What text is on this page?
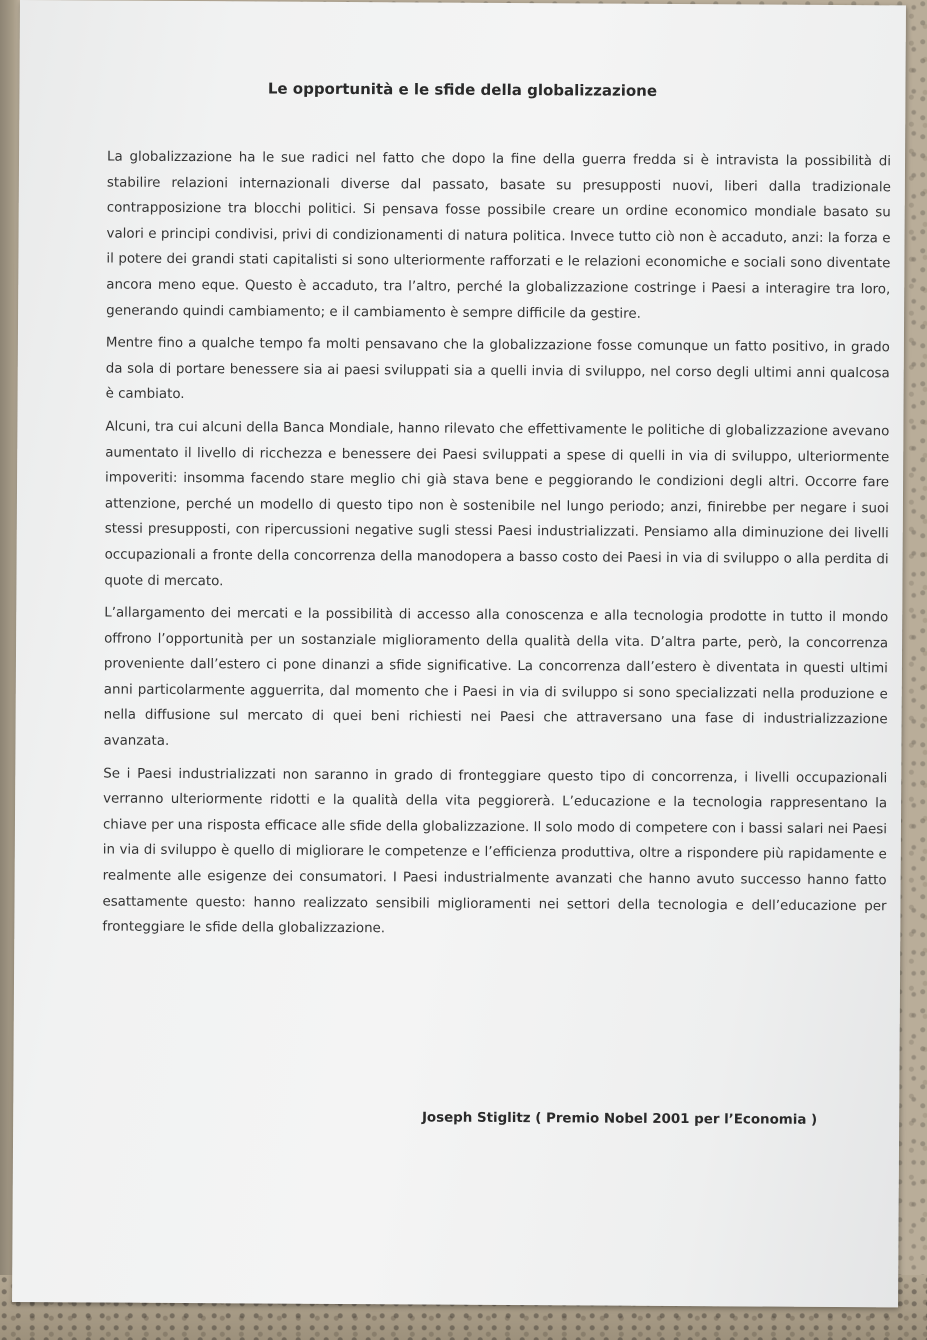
Le opportunità e le sfide della globalizzazione

La globalizzazione ha le sue radici nel fatto che dopo la fine della guerra fredda si è intravista la possibilità di stabilire relazioni internazionali diverse dal passato, basate su presupposti nuovi, liberi dalla tradizionale contrapposizione tra blocchi politici. Si pensava fosse possibile creare un ordine economico mondiale basato su valori e principi condivisi, privi di condizionamenti di natura politica. Invece tutto ciò non è accaduto, anzi: la forza e il potere dei grandi stati capitalisti si sono ulteriormente rafforzati e le relazioni economiche e sociali sono diventate ancora meno eque. Questo è accaduto, tra l’altro, perché la globalizzazione costringe i Paesi a interagire tra loro, generando quindi cambiamento; e il cambiamento è sempre difficile da gestire.

Mentre fino a qualche tempo fa molti pensavano che la globalizzazione fosse comunque un fatto positivo, in grado da sola di portare benessere sia ai paesi sviluppati sia a quelli invia di sviluppo, nel corso degli ultimi anni qualcosa è cambiato.

Alcuni, tra cui alcuni della Banca Mondiale, hanno rilevato che effettivamente le politiche di globalizzazione avevano aumentato il livello di ricchezza e benessere dei Paesi sviluppati a spese di quelli in via di sviluppo, ulteriormente impoveriti: insomma facendo stare meglio chi già stava bene e peggiorando le condizioni degli altri. Occorre fare attenzione, perché un modello di questo tipo non è sostenibile nel lungo periodo; anzi, finirebbe per negare i suoi stessi presupposti, con ripercussioni negative sugli stessi Paesi industrializzati. Pensiamo alla diminuzione dei livelli occupazionali a fronte della concorrenza della manodopera a basso costo dei Paesi in via di sviluppo o alla perdita di quote di mercato.

L’allargamento dei mercati e la possibilità di accesso alla conoscenza e alla tecnologia prodotte in tutto il mondo offrono l’opportunità per un sostanziale miglioramento della qualità della vita. D’altra parte, però, la concorrenza proveniente dall’estero ci pone dinanzi a sfide significative. La concorrenza dall’estero è diventata in questi ultimi anni particolarmente agguerrita, dal momento che i Paesi in via di sviluppo si sono specializzati nella produzione e nella diffusione sul mercato di quei beni richiesti nei Paesi che attraversano una fase di industrializzazione avanzata.

Se i Paesi industrializzati non saranno in grado di fronteggiare questo tipo di concorrenza, i livelli occupazionali verranno ulteriormente ridotti e la qualità della vita peggiorerà. L’educazione e la tecnologia rappresentano la chiave per una risposta efficace alle sfide della globalizzazione. Il solo modo di competere con i bassi salari nei Paesi in via di sviluppo è quello di migliorare le competenze e l’efficienza produttiva, oltre a rispondere più rapidamente e realmente alle esigenze dei consumatori. I Paesi industrialmente avanzati che hanno avuto successo hanno fatto esattamente questo: hanno realizzato sensibili miglioramenti nei settori della tecnologia e dell’educazione per fronteggiare le sfide della globalizzazione.

Joseph Stiglitz ( Premio Nobel 2001 per l’Economia )
